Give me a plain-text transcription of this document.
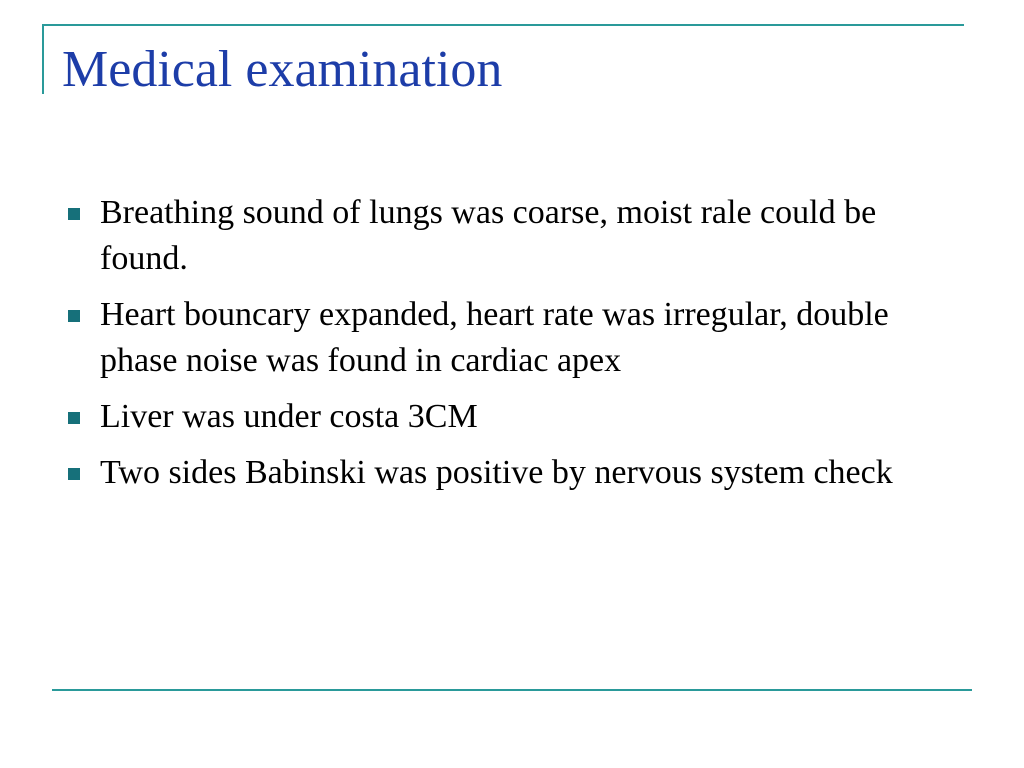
Medical examination
Breathing sound of lungs was coarse, moist rale could be found.
Heart bouncary expanded, heart rate was irregular, double phase noise was found in cardiac apex
Liver was under costa 3CM
Two sides Babinski was positive by nervous system check
